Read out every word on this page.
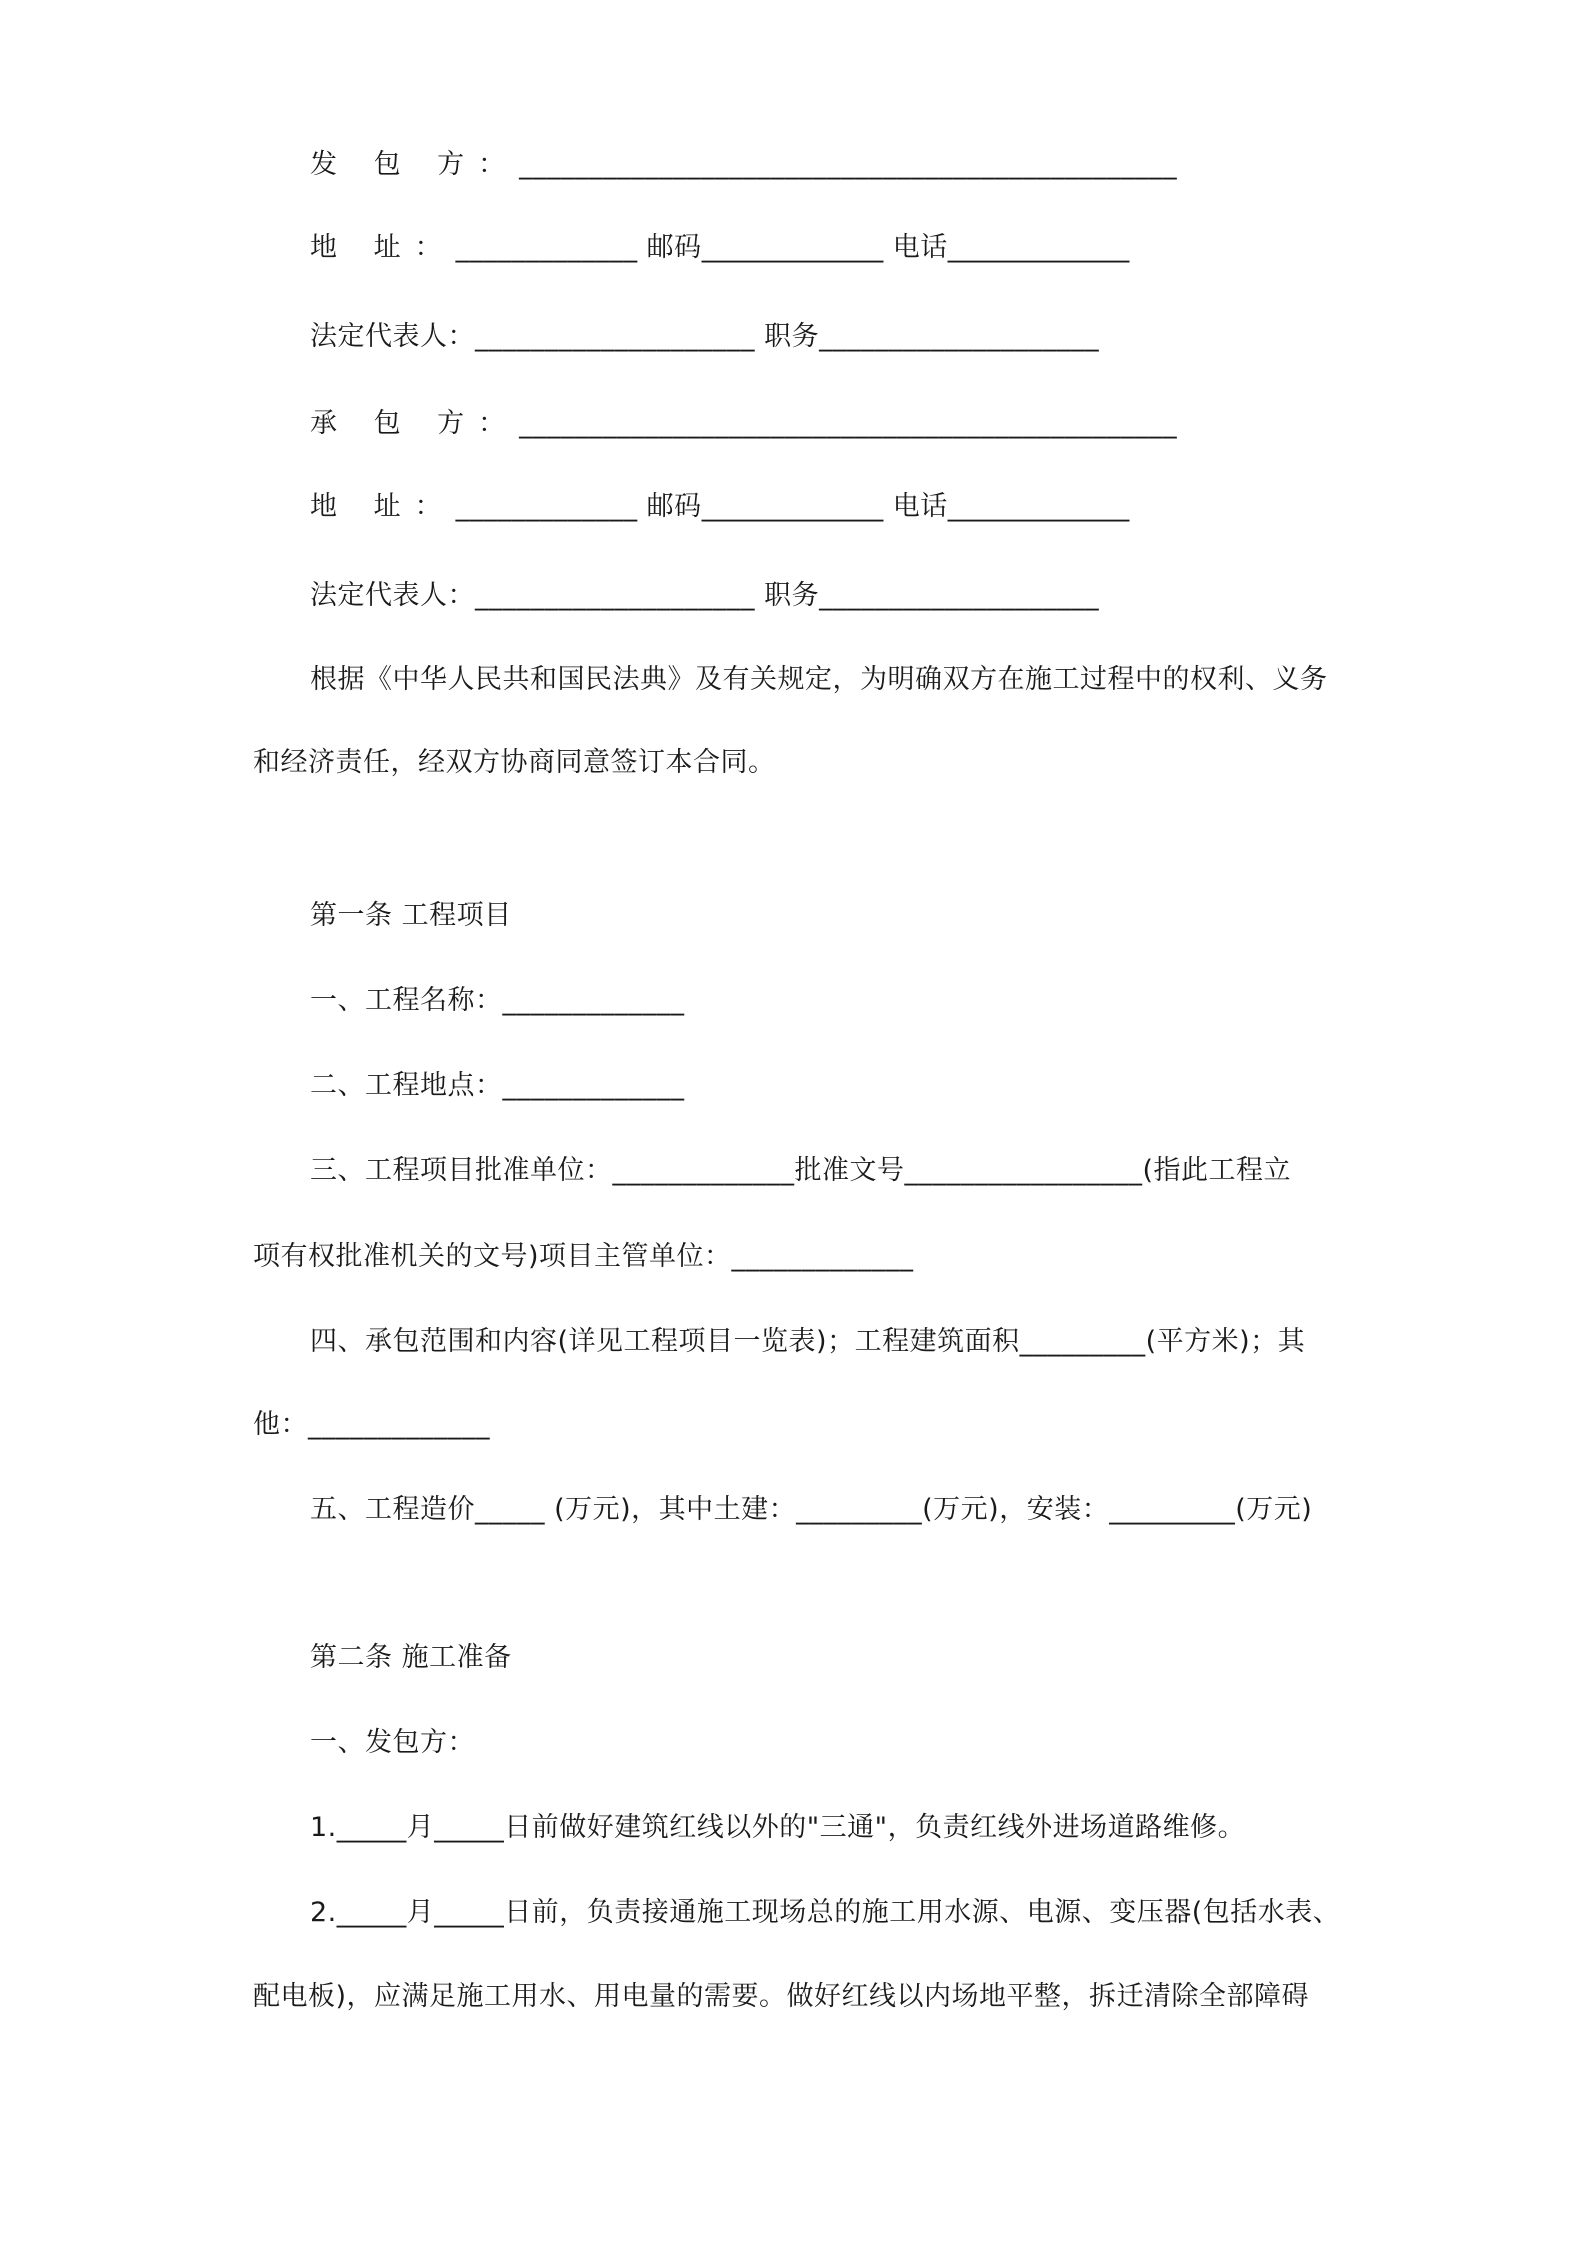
发 包 方：_______________________________________________
地 址：_____________ 邮码_____________ 电话_____________
法定代表人：____________________ 职务____________________
承 包 方：_______________________________________________
地 址：_____________ 邮码_____________ 电话_____________
法定代表人：____________________ 职务____________________
根据《中华人民共和国民法典》及有关规定，为明确双方在施工过程中的权利、义务
和经济责任，经双方协商同意签订本合同。
第一条 工程项目
一、工程名称：_____________
二、工程地点：_____________
三、工程项目批准单位：_____________批准文号_________________(指此工程立
项有权批准机关的文号)项目主管单位：_____________
四、承包范围和内容(详见工程项目一览表)；工程建筑面积_________(平方米)；其
他：_____________
五、工程造价_____ (万元)，其中土建：_________(万元)，安装：_________(万元)
第二条 施工准备
一、发包方：
1._____月_____日前做好建筑红线以外的"三通"，负责红线外进场道路维修。
2._____月_____日前，负责接通施工现场总的施工用水源、电源、变压器(包括水表、
配电板)，应满足施工用水、用电量的需要。做好红线以内场地平整，拆迁清除全部障碍
